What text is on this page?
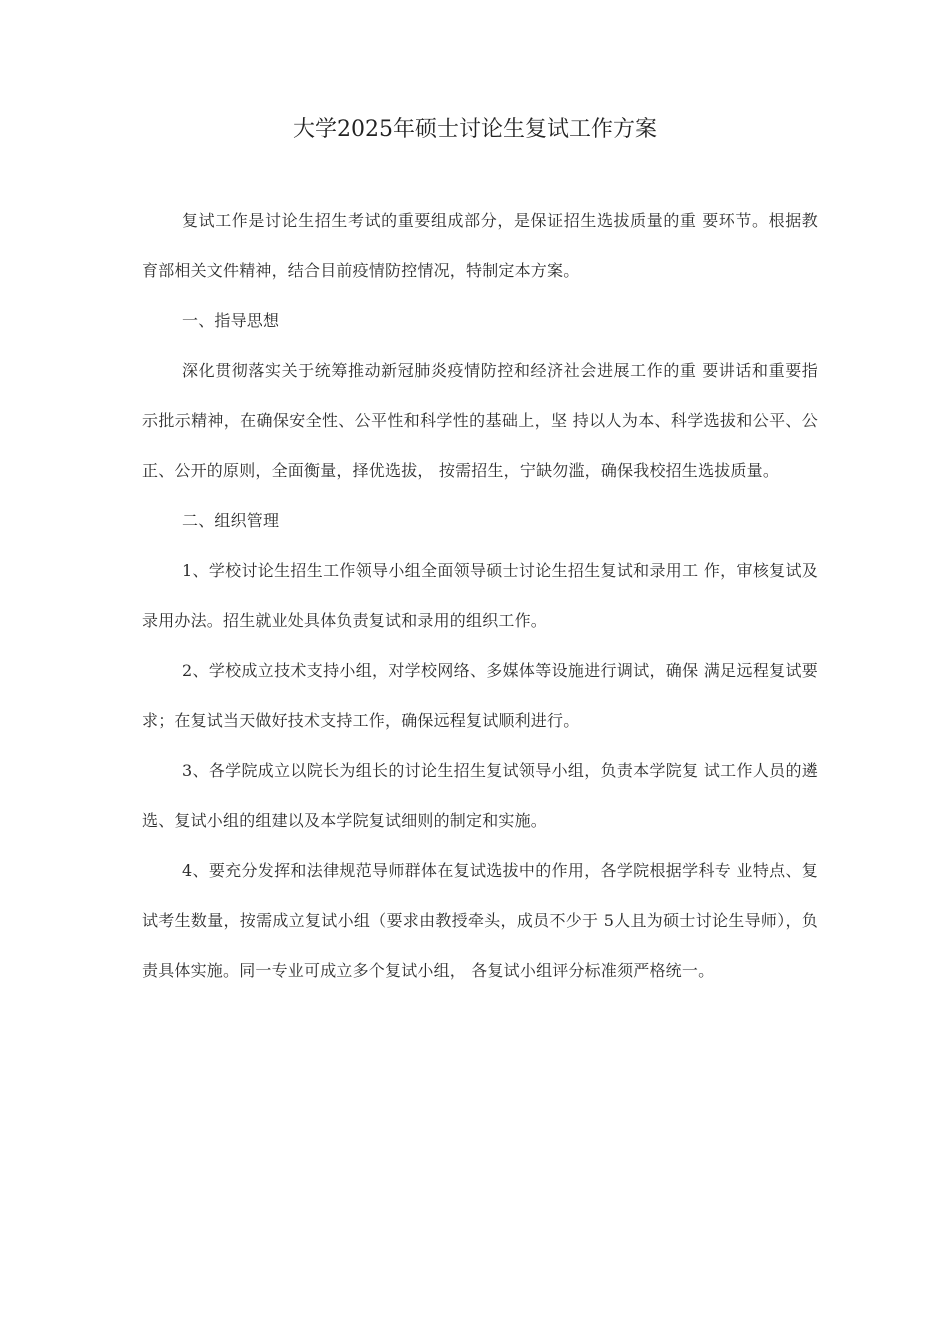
大学2025年硕士讨论生复试工作方案

复试工作是讨论生招生考试的重要组成部分，是保证招生选拔质量的重 要环节。根据教育部相关文件精神，结合目前疫情防控情况，特制定本方案。

一、指导思想

深化贯彻落实关于统筹推动新冠肺炎疫情防控和经济社会进展工作的重 要讲话和重要指示批示精神，在确保安全性、公平性和科学性的基础上，坚 持以人为本、科学选拔和公平、公正、公开的原则，全面衡量，择优选拔， 按需招生，宁缺勿滥，确保我校招生选拔质量。

二、组织管理

1、学校讨论生招生工作领导小组全面领导硕士讨论生招生复试和录用工 作，审核复试及录用办法。招生就业处具体负责复试和录用的组织工作。

2、学校成立技术支持小组，对学校网络、多媒体等设施进行调试，确保 满足远程复试要求；在复试当天做好技术支持工作，确保远程复试顺利进行。

3、各学院成立以院长为组长的讨论生招生复试领导小组，负责本学院复 试工作人员的遴选、复试小组的组建以及本学院复试细则的制定和实施。

4、要充分发挥和法律规范导师群体在复试选拔中的作用，各学院根据学科专 业特点、复试考生数量，按需成立复试小组（要求由教授牵头，成员不少于 5人且为硕士讨论生导师），负责具体实施。同一专业可成立多个复试小组， 各复试小组评分标准须严格统一。
